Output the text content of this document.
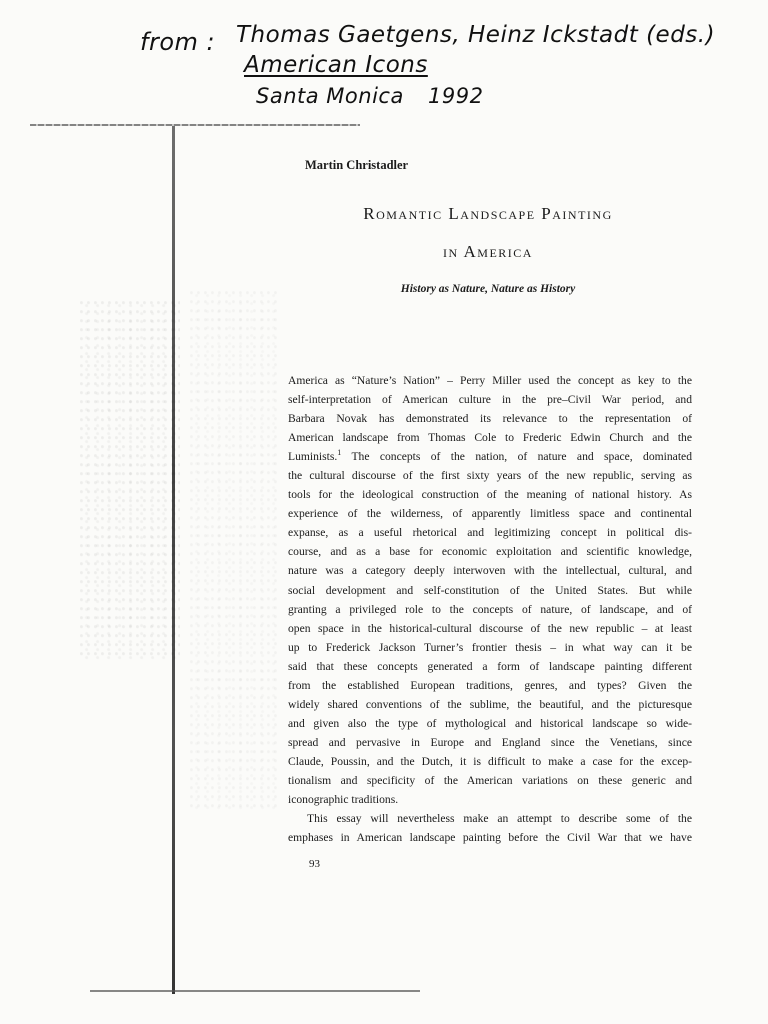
from : Thomas Gaetgens, Heinz Ickstadt (eds.)
American Icons
Santa Monica 1992
Martin Christadler
Romantic Landscape Painting
in America
History as Nature, Nature as History
America as “Nature’s Nation” – Perry Miller used the concept as key to the
self-interpretation of American culture in the pre–Civil War period, and
Barbara Novak has demonstrated its relevance to the representation of
American landscape from Thomas Cole to Frederic Edwin Church and the
Luminists.$^1$ The concepts of the nation, of nature and space, dominated
the cultural discourse of the first sixty years of the new republic, serving as
tools for the ideological construction of the meaning of national history. As
experience of the wilderness, of apparently limitless space and continental
expanse, as a useful rhetorical and legitimizing concept in political dis-
course, and as a base for economic exploitation and scientific knowledge,
nature was a category deeply interwoven with the intellectual, cultural, and
social development and self-constitution of the United States. But while
granting a privileged role to the concepts of nature, of landscape, and of
open space in the historical-cultural discourse of the new republic – at least
up to Frederick Jackson Turner’s frontier thesis – in what way can it be
said that these concepts generated a form of landscape painting different
from the established European traditions, genres, and types? Given the
widely shared conventions of the sublime, the beautiful, and the picturesque
and given also the type of mythological and historical landscape so wide-
spread and pervasive in Europe and England since the Venetians, since
Claude, Poussin, and the Dutch, it is difficult to make a case for the excep-
tionalism and specificity of the American variations on these generic and
iconographic traditions.
This essay will nevertheless make an attempt to describe some of the
emphases in American landscape painting before the Civil War that we have
93
